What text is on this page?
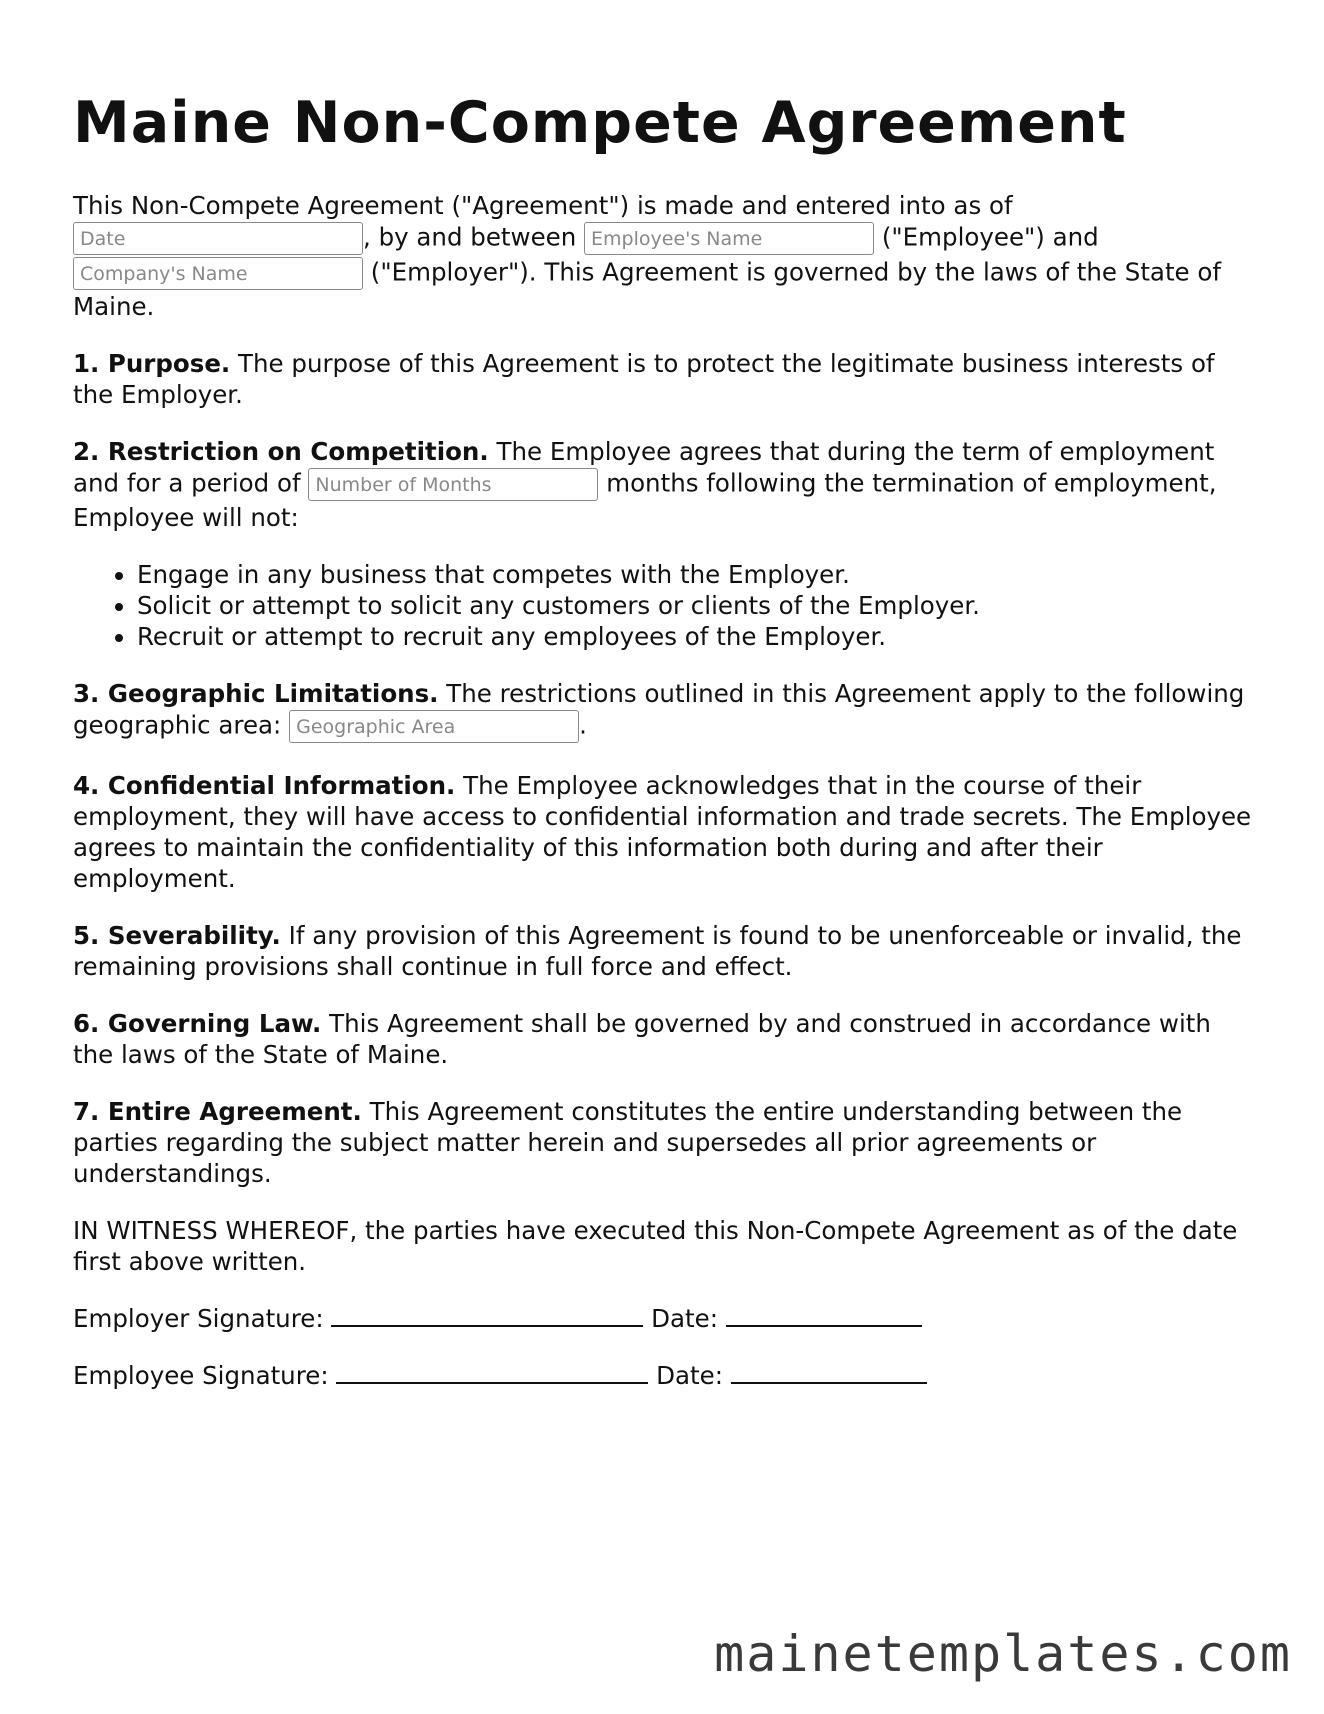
Maine Non-Compete Agreement

This Non-Compete Agreement ("Agreement") is made and entered into as of
Date, by and between Employee's Name	("Employee") and
Company's Name ("Employer"). This Agreement is governed by the laws of the State of Maine.

1. Purpose. The purpose of this Agreement is to protect the legitimate business interests of the Employer.

2. Restriction on Competition. The Employee agrees that during the term of employment and for a period of Number of Months	months following the termination of employment, Employee will not:

• Engage in any business that competes with the Employer.
• Solicit or attempt to solicit any customers or clients of the Employer.
• Recruit or attempt to recruit any employees of the Employer.

3. Geographic Limitations. The restrictions outlined in this Agreement apply to the following geographic area: Geographic Area	.

4. Confidential Information. The Employee acknowledges that in the course of their employment, they will have access to confidential information and trade secrets. The Employee agrees to maintain the confidentiality of this information both during and after their employment.

5. Severability. If any provision of this Agreement is found to be unenforceable or invalid, the remaining provisions shall continue in full force and effect.

6. Governing Law. This Agreement shall be governed by and construed in accordance with the laws of the State of Maine.

7. Entire Agreement. This Agreement constitutes the entire understanding between the parties regarding the subject matter herein and supersedes all prior agreements or understandings.

IN WITNESS WHEREOF, the parties have executed this Non-Compete Agreement as of the date first above written.

Employer Signature:	Date:
Employee Signature:	Date:
mainetemplates.com
